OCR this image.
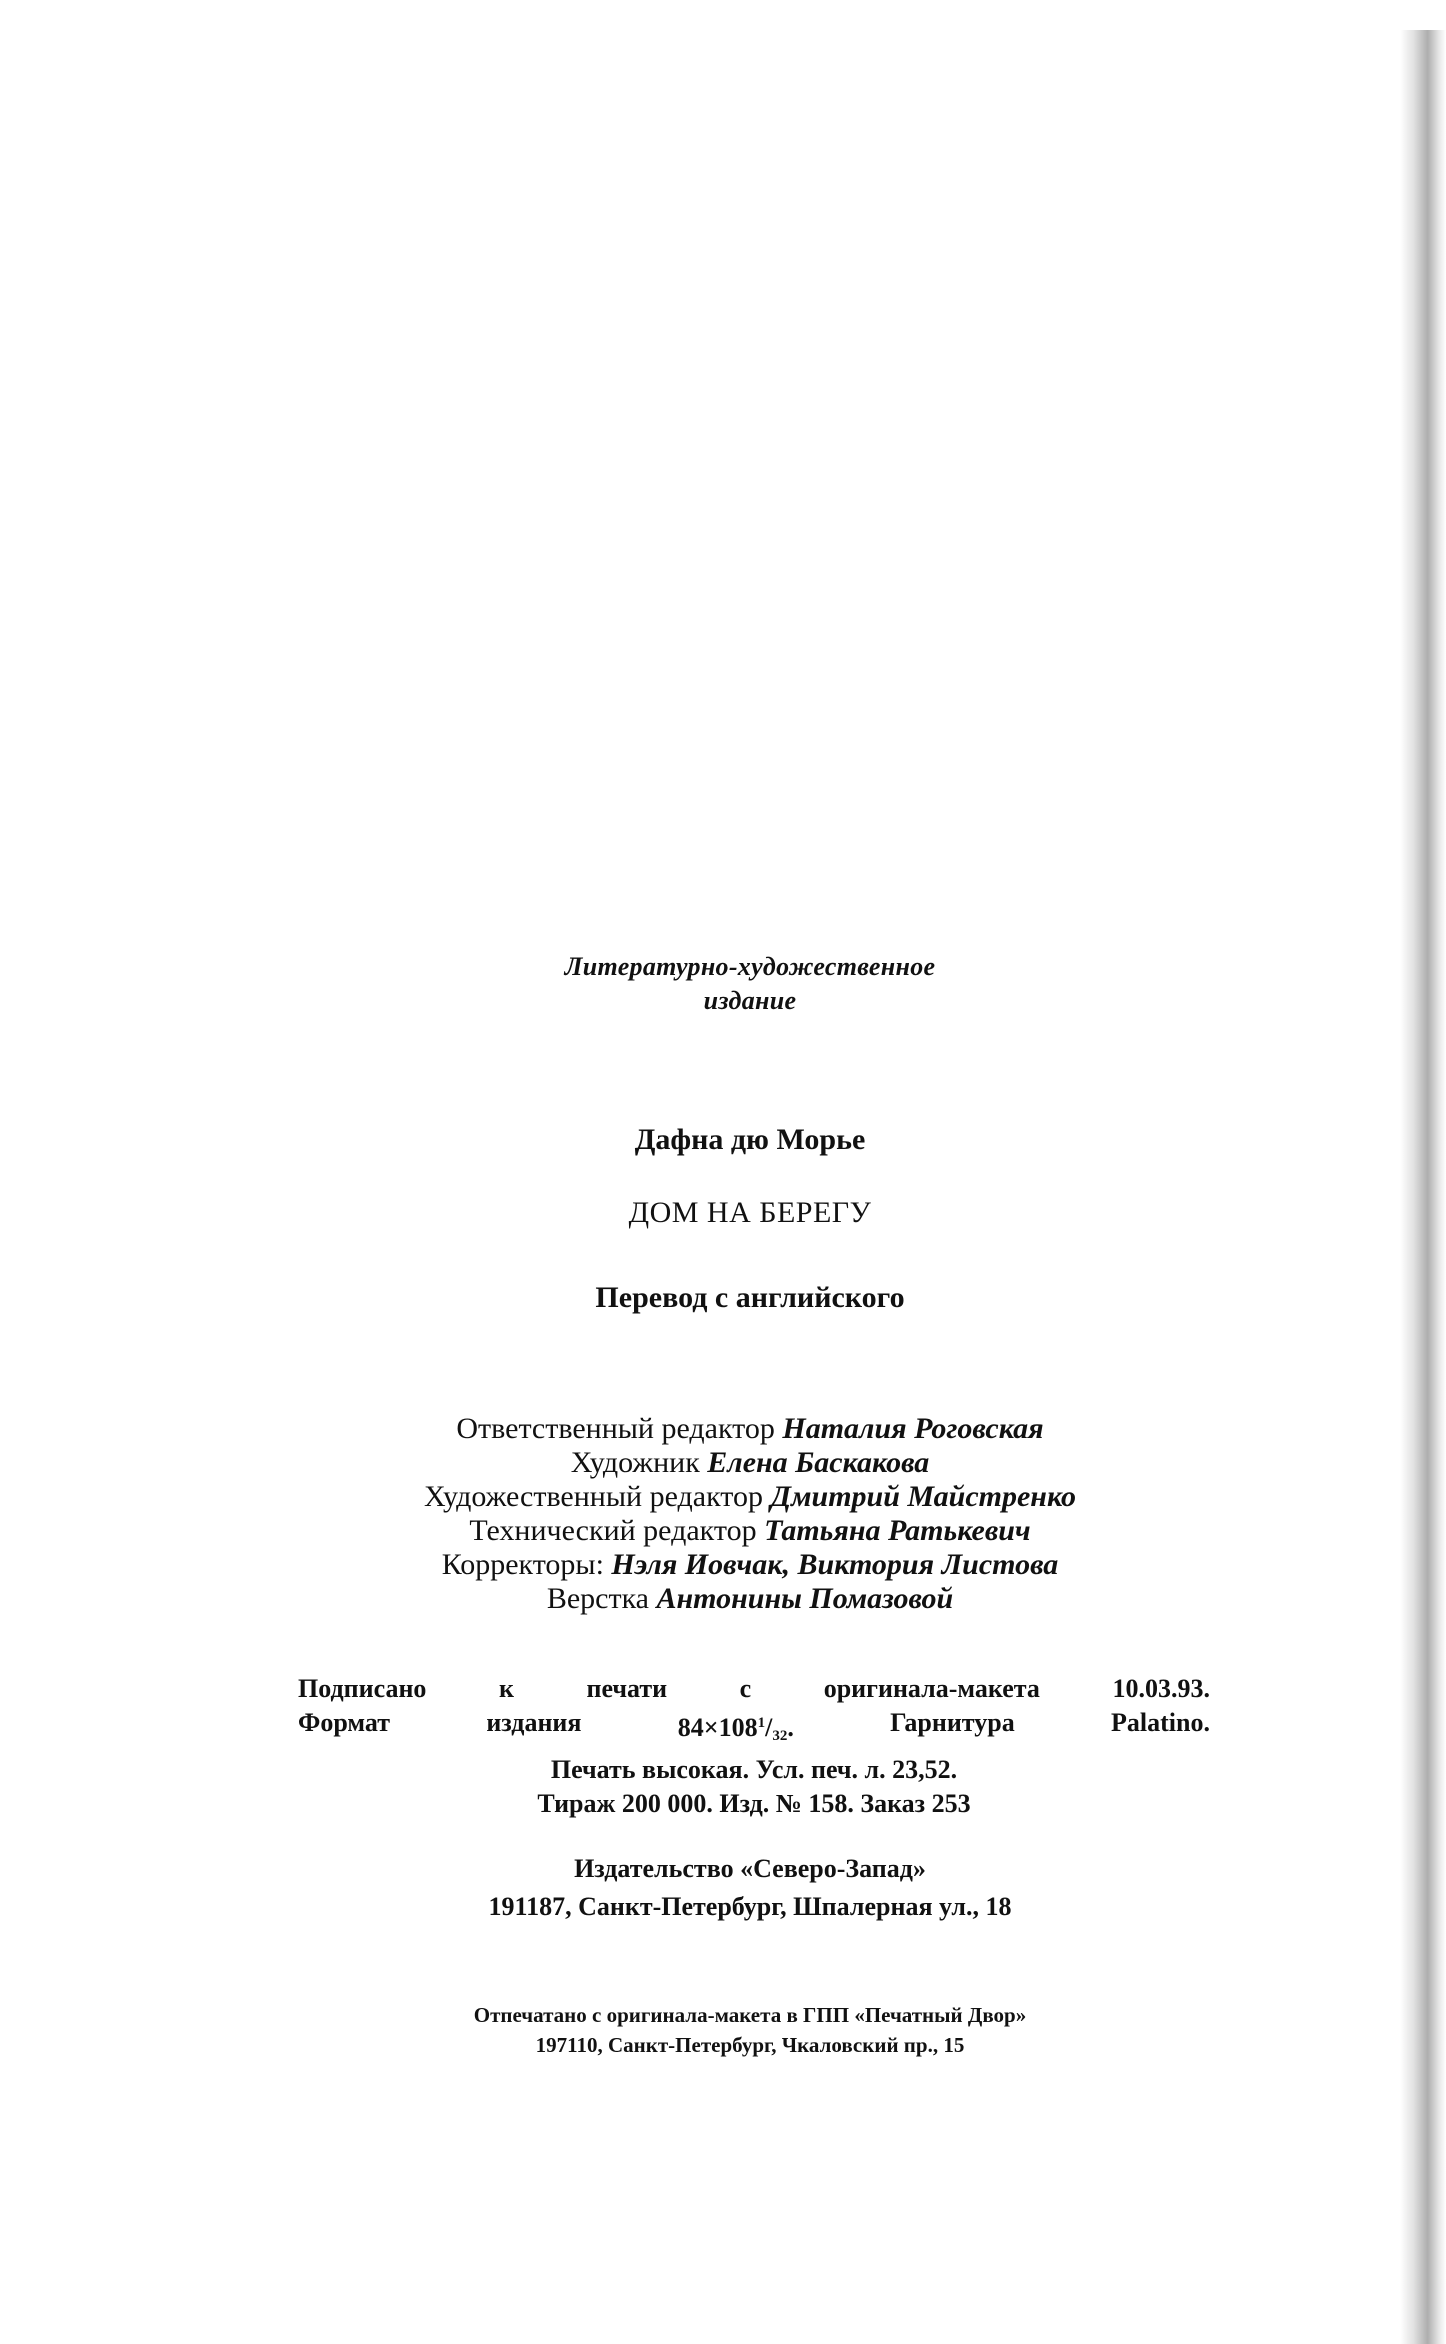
Литературно-художественное
издание
Дафна дю Морье
ДОМ НА БЕРЕГУ
Перевод с английского
Ответственный редактор Наталия Роговская
Художник Елена Баскакова
Художественный редактор Дмитрий Майстренко
Технический редактор Татьяна Ратькевич
Корректоры: Нэля Иовчак, Виктория Листова
Верстка Антонины Помазовой
Подписано	к	печати	с	оригинала-макета	10.03.93.
Формат	издания	$84\times 108^1/32$.	Гарнитура	Palatino.
Печать высокая. Усл. печ. л. 23,52.
Тираж 200 000. Изд. № 158. Заказ 253
Издательство «Северо-Запад»
191187, Санкт-Петербург, Шпалерная ул., 18
Отпечатано с оригинала-макета в ГПП «Печатный Двор»
197110, Санкт-Петербург, Чкаловский пр., 15
